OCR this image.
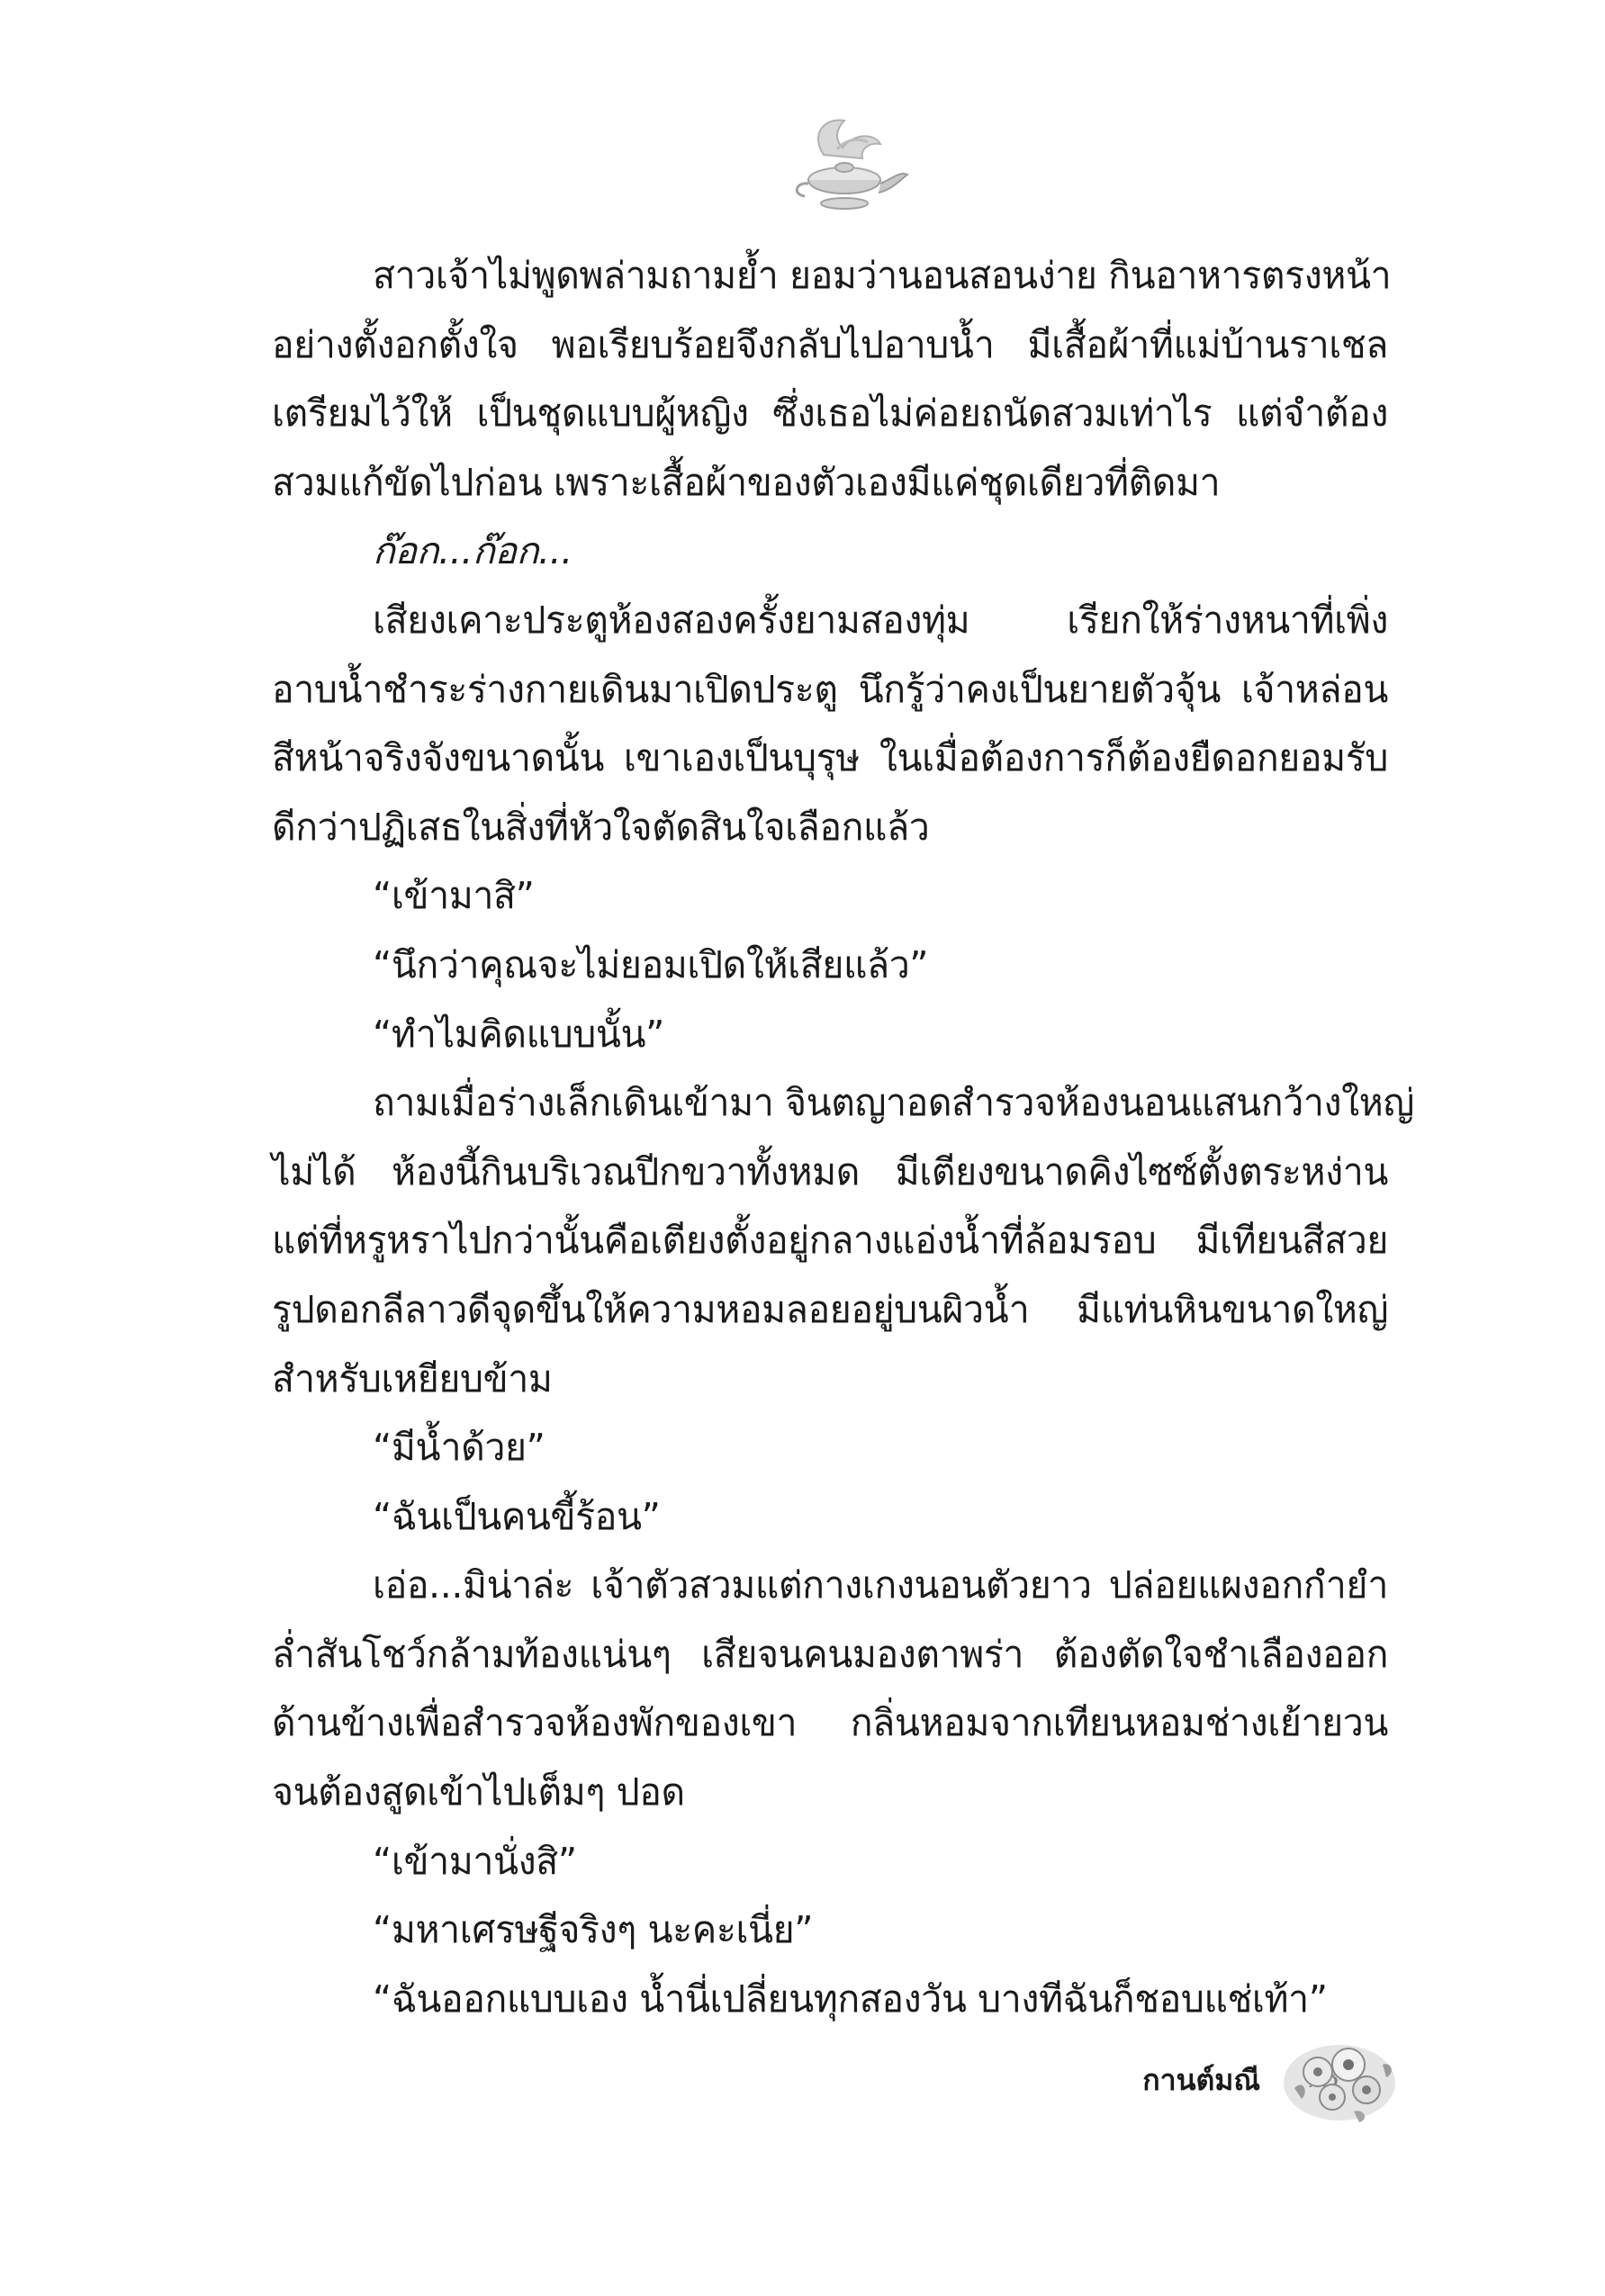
สาวเจ้าไม่พูดพล่ามถามย้ำ ยอมว่านอนสอนง่าย กินอาหารตรงหน้า
อย่างตั้งอกตั้งใจ พอเรียบร้อยจึงกลับไปอาบน้ำ มีเสื้อผ้าที่แม่บ้านราเชล
เตรียมไว้ให้ เป็นชุดแบบผู้หญิง ซึ่งเธอไม่ค่อยถนัดสวมเท่าไร แต่จำต้อง
สวมแก้ขัดไปก่อน เพราะเสื้อผ้าของตัวเองมีแค่ชุดเดียวที่ติดมา
ก๊อก...ก๊อก...
เสียงเคาะประตูห้องสองครั้งยามสองทุ่ม เรียกให้ร่างหนาที่เพิ่ง
อาบน้ำชำระร่างกายเดินมาเปิดประตู นึกรู้ว่าคงเป็นยายตัวจุ้น เจ้าหล่อน
สีหน้าจริงจังขนาดนั้น เขาเองเป็นบุรุษ ในเมื่อต้องการก็ต้องยืดอกยอมรับ
ดีกว่าปฏิเสธในสิ่งที่หัวใจตัดสินใจเลือกแล้ว
“เข้ามาสิ”
“นึกว่าคุณจะไม่ยอมเปิดให้เสียแล้ว”
“ทำไมคิดแบบนั้น”
ถามเมื่อร่างเล็กเดินเข้ามา จินตญาอดสำรวจห้องนอนแสนกว้างใหญ่
ไม่ได้ ห้องนี้กินบริเวณปีกขวาทั้งหมด มีเตียงขนาดคิงไซซ์ตั้งตระหง่าน
แต่ที่หรูหราไปกว่านั้นคือเตียงตั้งอยู่กลางแอ่งน้ำที่ล้อมรอบ มีเทียนสีสวย
รูปดอกลีลาวดีจุดขึ้นให้ความหอมลอยอยู่บนผิวน้ำ มีแท่นหินขนาดใหญ่
สำหรับเหยียบข้าม
“มีน้ำด้วย”
“ฉันเป็นคนขี้ร้อน”
เอ่อ...มิน่าล่ะ เจ้าตัวสวมแต่กางเกงนอนตัวยาว ปล่อยแผงอกกำยำ
ล่ำสันโชว์กล้ามท้องแน่นๆ เสียจนคนมองตาพร่า ต้องตัดใจชำเลืองออก
ด้านข้างเพื่อสำรวจห้องพักของเขา กลิ่นหอมจากเทียนหอมช่างเย้ายวน
จนต้องสูดเข้าไปเต็มๆ ปอด
“เข้ามานั่งสิ”
“มหาเศรษฐีจริงๆ นะคะเนี่ย”
“ฉันออกแบบเอง น้ำนี่เปลี่ยนทุกสองวัน บางทีฉันก็ชอบแช่เท้า”
กานต์มณี
